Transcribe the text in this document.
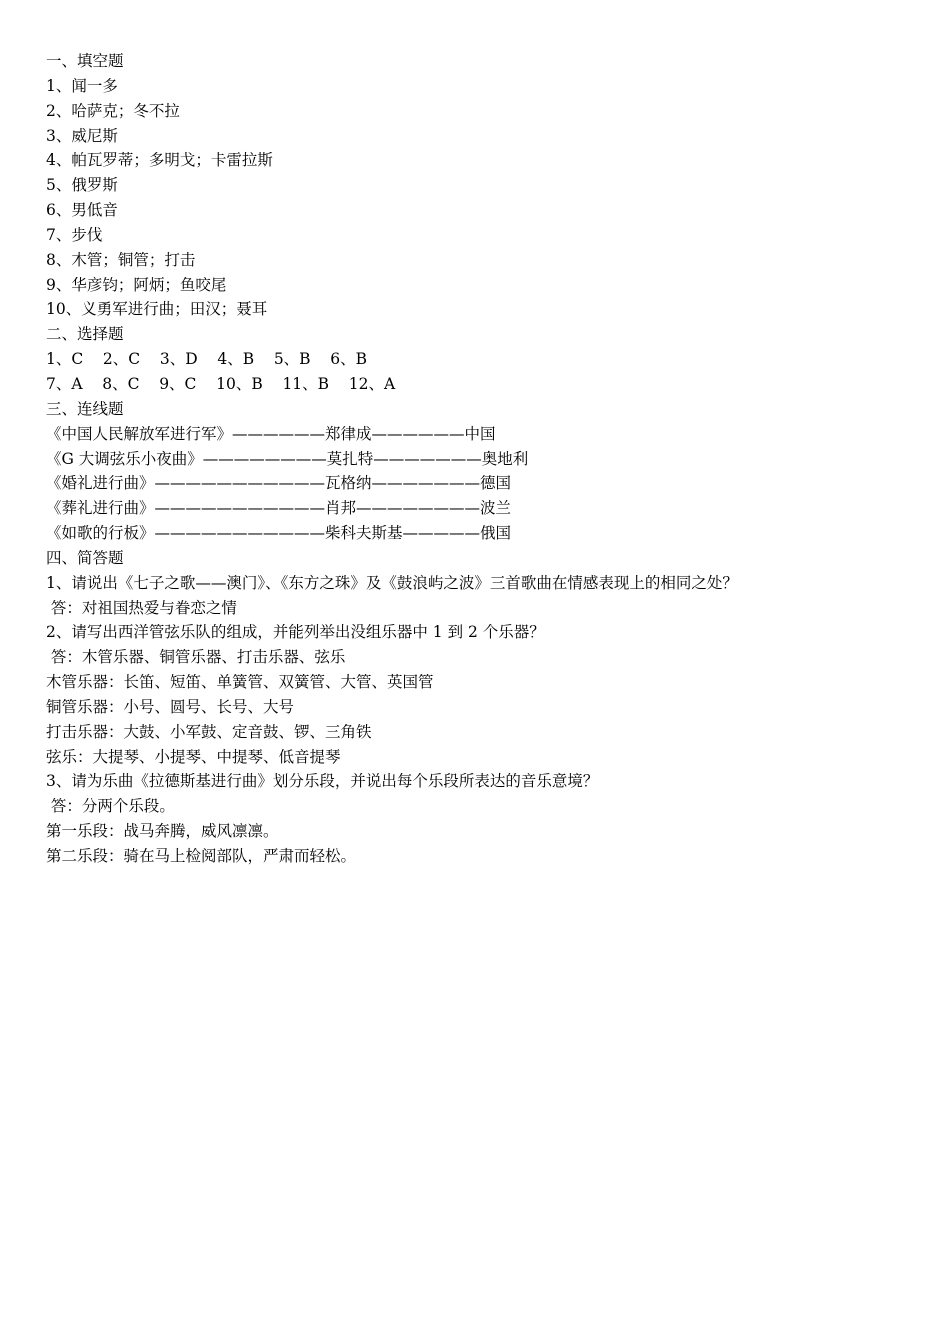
一、填空题
1、闻一多
2、哈萨克；冬不拉
3、威尼斯
4、帕瓦罗蒂；多明戈；卡雷拉斯
5、俄罗斯
6、男低音
7、步伐
8、木管；铜管；打击
9、华彦钧；阿炳；鱼咬尾
10、义勇军进行曲；田汉；聂耳
二、选择题
1、C    2、C    3、D    4、B    5、B    6、B
7、A    8、C    9、C    10、B    11、B    12、A
三、连线题
《中国人民解放军进行军》——————郑律成——————中国
《G 大调弦乐小夜曲》————————莫扎特———————奥地利
《婚礼进行曲》———————————瓦格纳———————德国
《葬礼进行曲》———————————肖邦————————波兰
《如歌的行板》———————————柴科夫斯基—————俄国
四、简答题
1、请说出《七子之歌——澳门》、《东方之珠》及《鼓浪屿之波》三首歌曲在情感表现上的相同之处？
答：对祖国热爱与眷恋之情
2、请写出西洋管弦乐队的组成，并能列举出没组乐器中 1 到 2 个乐器？
答：木管乐器、铜管乐器、打击乐器、弦乐
木管乐器：长笛、短笛、单簧管、双簧管、大管、英国管
铜管乐器：小号、圆号、长号、大号
打击乐器：大鼓、小军鼓、定音鼓、锣、三角铁
弦乐：大提琴、小提琴、中提琴、低音提琴
3、请为乐曲《拉德斯基进行曲》划分乐段，并说出每个乐段所表达的音乐意境？
答：分两个乐段。
第一乐段：战马奔腾，威风凛凛。
第二乐段：骑在马上检阅部队，严肃而轻松。
